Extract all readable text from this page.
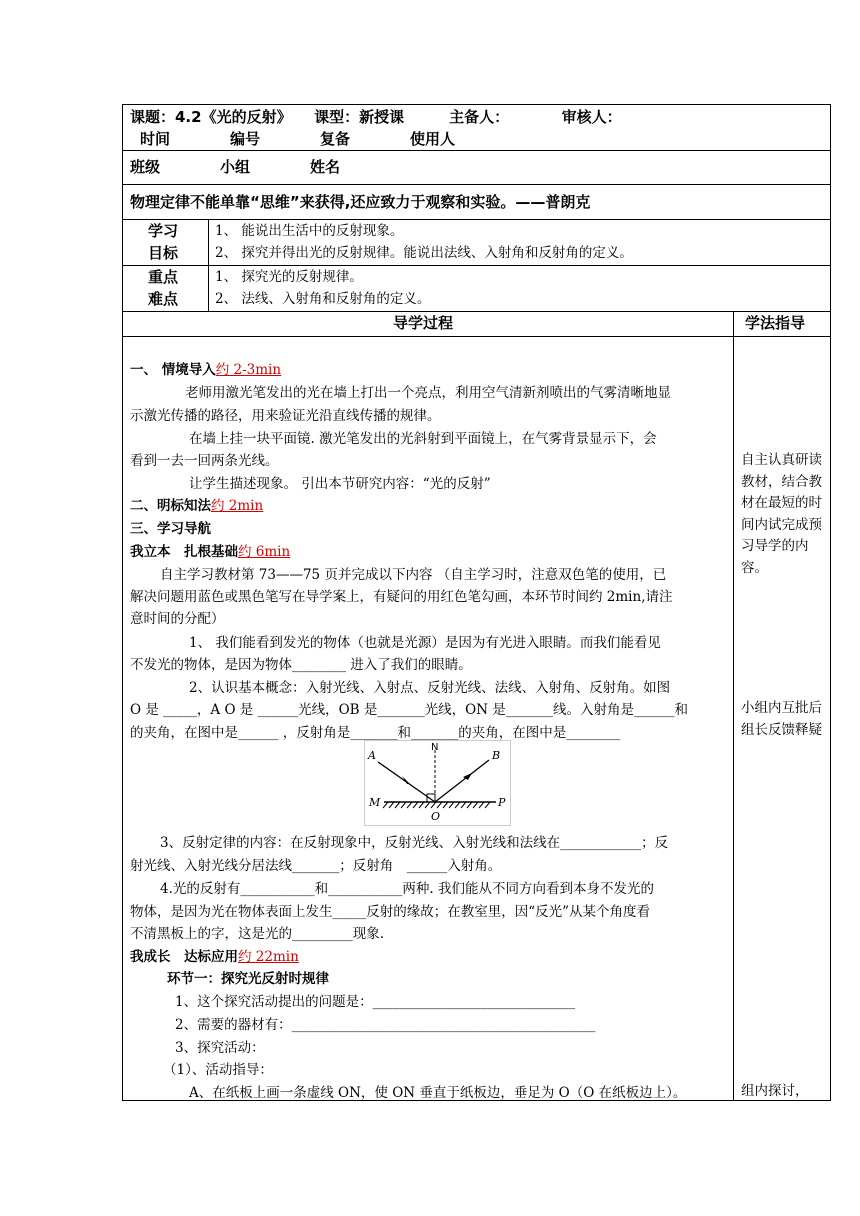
课题：4.2《光的反射》　　课型：新授课　　　主备人：　　　　审核人：
时间　　　　编号　　　　复备　　　　使用人
班级　　　　小组　　　　姓名
物理定律不能单靠“思维”来获得,还应致力于观察和实验。——普朗克
学习
目标
1、 能说出生活中的反射现象。
2、 探究并得出光的反射规律。能说出法线、入射角和反射角的定义。
重点
难点
1、 探究光的反射规律。
2、 法线、入射角和反射角的定义。
导学过程	学法指导
一、 情境导入约 2-3min
老师用激光笔发出的光在墙上打出一个亮点，利用空气清新剂喷出的气雾清晰地显
示激光传播的路径，用来验证光沿直线传播的规律。
在墙上挂一块平面镜. 激光笔发出的光斜射到平面镜上，在气雾背景显示下，会
看到一去一回两条光线。
让学生描述现象。 引出本节研究内容：“光的反射”
二、明标知法约 2min
三、学习导航
我立本　扎根基础约 6min
自主学习教材第 73——75 页并完成以下内容 （自主学习时，注意双色笔的使用，已
解决问题用蓝色或黑色笔写在导学案上，有疑问的用红色笔勾画，本环节时间约 2min,请注
意时间的分配）
1、 我们能看到发光的物体（也就是光源）是因为有光进入眼睛。而我们能看见
不发光的物体，是因为物体________ 进入了我们的眼睛。
2、认识基本概念：入射光线、入射点、反射光线、法线、入射角、反射角。如图
O 是 _____，A O 是 ______光线，OB 是_______光线，ON 是_______线。入射角是______和
的夹角，在图中是______ ，反射角是_______和_______的夹角，在图中是________
A
N
B
M
O
P
3、反射定律的内容：在反射现象中，反射光线、入射光线和法线在____________；反
射光线、入射光线分居法线_______；反射角　______入射角。
4.光的反射有___________和___________两种. 我们能从不同方向看到本身不发光的
物体，是因为光在物体表面上发生_____反射的缘故；在教室里，因“反光”从某个角度看
不清黑板上的字，这是光的_________现象.
我成长　达标应用约 22min
环节一：探究光反射时规律
1、这个探究活动提出的问题是：______________________________
2、需要的器材有：_____________________________________________
3、探究活动：
（1）、活动指导：
A、在纸板上画一条虚线 ON，使 ON 垂直于纸板边，垂足为 O（O 在纸板边上）。
自主认真研读教材，结合教材在最短的时间内试完成预习导学的内容。
小组内互批后组长反馈释疑
组内探讨，
